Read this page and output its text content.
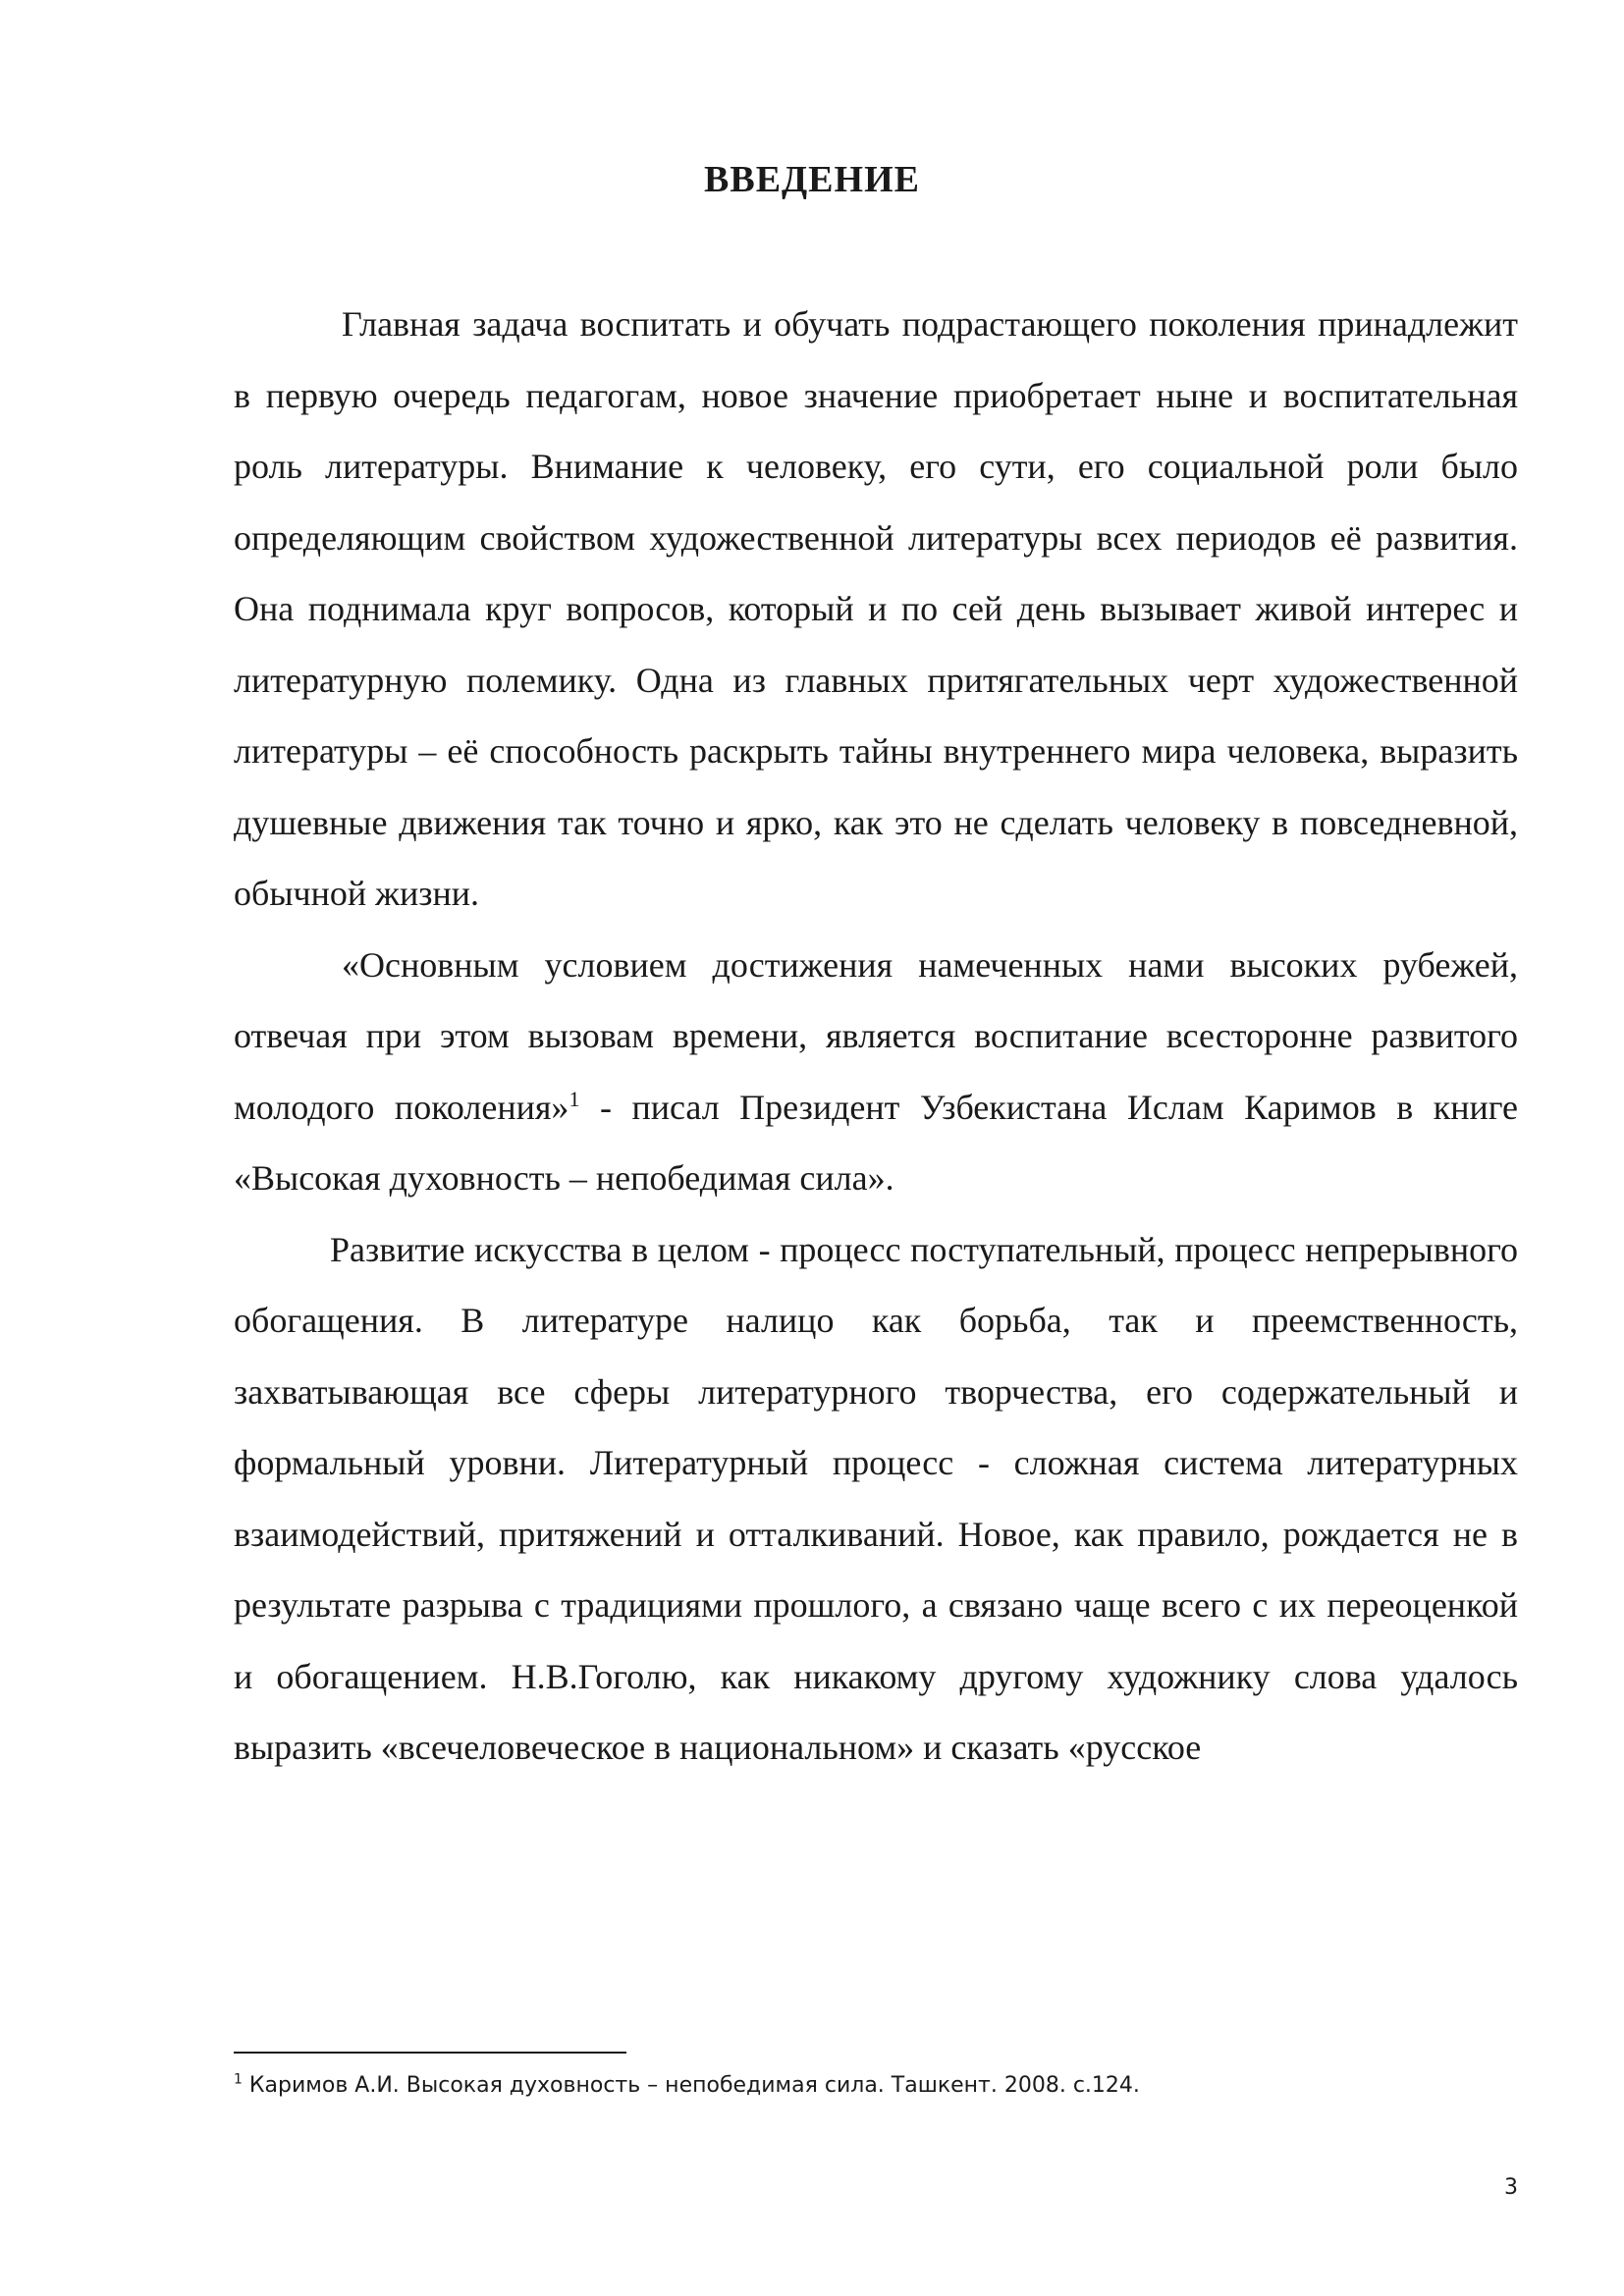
ВВЕДЕНИЕ

Главная задача воспитать и обучать подрастающего поколения принадлежит в первую очередь педагогам, новое значение приобретает ныне и воспитательная роль литературы. Внимание к человеку, его сути, его социальной роли было определяющим свойством художественной литературы всех периодов её развития. Она поднимала круг вопросов, который и по сей день вызывает живой интерес и литературную полемику. Одна из главных притягательных черт художественной литературы – её способность раскрыть тайны внутреннего мира человека, выразить душевные движения так точно и ярко, как это не сделать человеку в повседневной, обычной жизни.

«Основным условием достижения намеченных нами высоких рубежей, отвечая при этом вызовам времени, является воспитание всесторонне развитого молодого поколения»$^1$ - писал Президент Узбекистана Ислам Каримов в книге «Высокая духовность – непобедимая сила».

Развитие искусства в целом - процесс поступательный, процесс непрерывного обогащения. В литературе налицо как борьба, так и преемственность, захватывающая все сферы литературного творчества, его содержательный и формальный уровни. Литературный процесс - сложная система литературных взаимодействий, притяжений и отталкиваний. Новое, как правило, рождается не в результате разрыва с традициями прошлого, а связано чаще всего с их переоценкой и обогащением. Н.В.Гоголю, как никакому другому художнику слова удалось выразить «всечеловеческое в национальном» и сказать «русское

$^1$ Каримов А.И. Высокая духовность – непобедимая сила. Ташкент. 2008. с.124.
3
